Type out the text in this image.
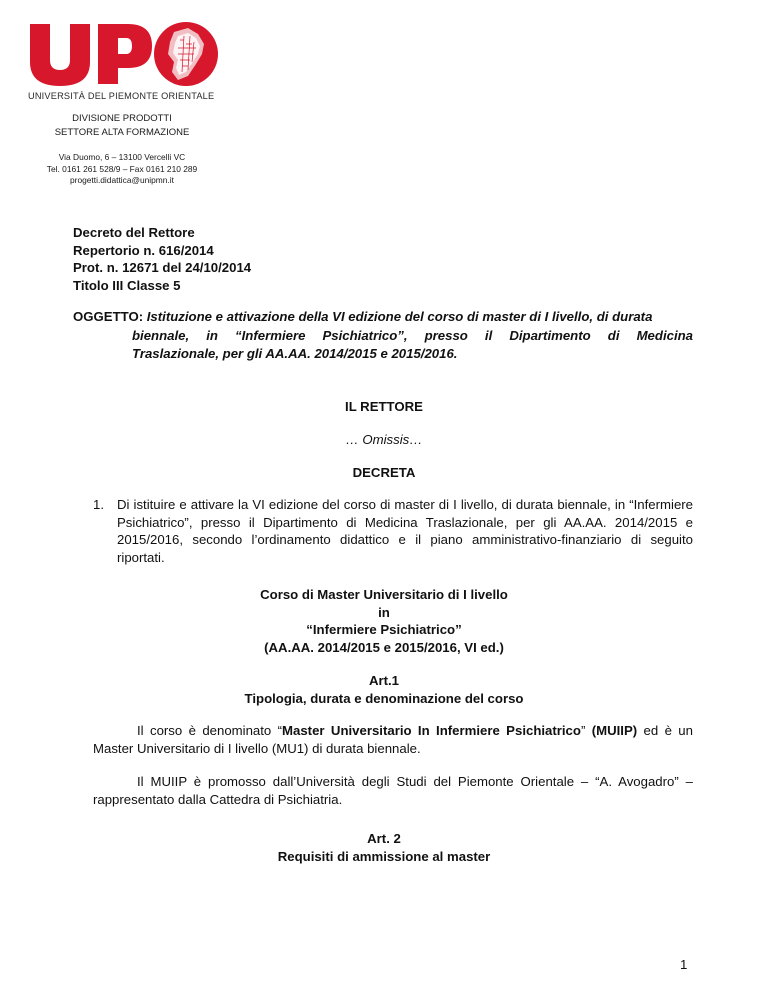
UNIVERSITÀ DEL PIEMONTE ORIENTALE
DIVISIONE PRODOTTI
SETTORE ALTA FORMAZIONE
Via Duomo, 6 – 13100 Vercelli VC
Tel. 0161 261 528/9 – Fax 0161 210 289
progetti.didattica@unipmn.it
Decreto del Rettore
Repertorio n. 616/2014
Prot. n. 12671 del 24/10/2014
Titolo III Classe 5
OGGETTO: Istituzione e attivazione della VI edizione del corso di master di I livello, di durata
biennale, in “Infermiere Psichiatrico”, presso il Dipartimento di Medicina
Traslazionale, per gli AA.AA. 2014/2015 e 2015/2016.
IL RETTORE
… Omissis…
DECRETA
1. Di istituire e attivare la VI edizione del corso di master di I livello, di durata biennale, in “Infermiere Psichiatrico”, presso il Dipartimento di Medicina Traslazionale, per gli AA.AA. 2014/2015 e 2015/2016, secondo l’ordinamento didattico e il piano amministrativo-finanziario di seguito riportati.
Corso di Master Universitario di I livello
in
“Infermiere Psichiatrico”
(AA.AA. 2014/2015 e 2015/2016, VI ed.)
Art.1
Tipologia, durata e denominazione del corso
Il corso è denominato “Master Universitario In Infermiere Psichiatrico” (MUIIP) ed è un Master Universitario di I livello (MU1) di durata biennale.
Il MUIIP è promosso dall’Università degli Studi del Piemonte Orientale – “A. Avogadro” – rappresentato dalla Cattedra di Psichiatria.
Art. 2
Requisiti di ammissione al master
1
